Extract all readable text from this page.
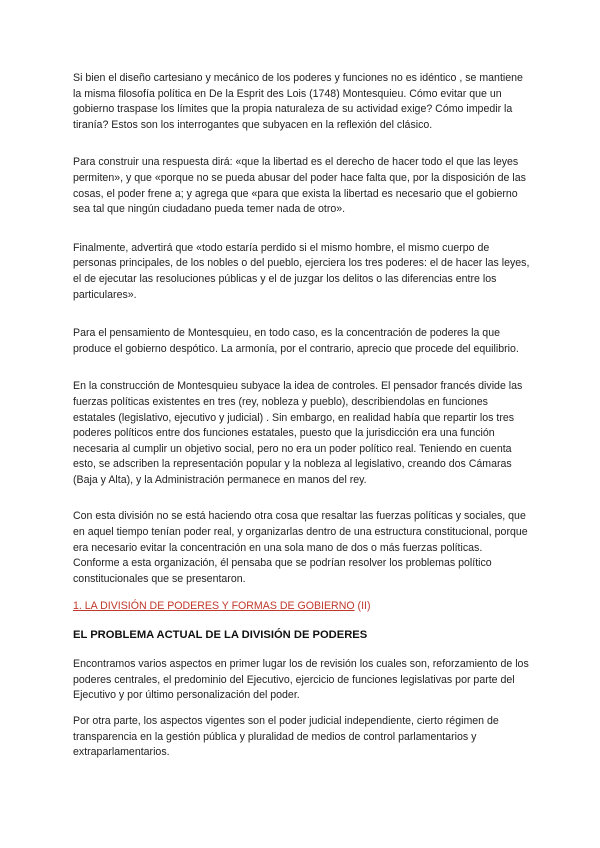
Si bien el diseño cartesiano y mecánico de los poderes y funciones no es idéntico , se mantiene la misma filosofía política en De la Esprit des Lois (1748) Montesquieu. Cómo evitar que un gobierno traspase los límites que la propia naturaleza de su actividad exige? Cómo impedir la tiranía? Estos son los interrogantes que subyacen en la reflexión del clásico.

Para construir una respuesta dirá: «que la libertad es el derecho de hacer todo el que las leyes permiten», y que «porque no se pueda abusar del poder hace falta que, por la disposición de las cosas, el poder frene a; y agrega que «para que exista la libertad es necesario que el gobierno sea tal que ningún ciudadano pueda temer nada de otro».

Finalmente, advertirá que «todo estaría perdido si el mismo hombre, el mismo cuerpo de personas principales, de los nobles o del pueblo, ejerciera los tres poderes: el de hacer las leyes, el de ejecutar las resoluciones públicas y el de juzgar los delitos o las diferencias entre los particulares».

Para el pensamiento de Montesquieu, en todo caso, es la concentración de poderes la que produce el gobierno despótico. La armonía, por el contrario, aprecio que procede del equilibrio.

En la construcción de Montesquieu subyace la idea de controles. El pensador francés divide las fuerzas políticas existentes en tres (rey, nobleza y pueblo), describiendolas en funciones estatales (legislativo, ejecutivo y judicial) . Sin embargo, en realidad había que repartir los tres poderes políticos entre dos funciones estatales, puesto que la jurisdicción era una función necesaria al cumplir un objetivo social, pero no era un poder político real. Teniendo en cuenta esto, se adscriben la representación popular y la nobleza al legislativo, creando dos Cámaras (Baja y Alta), y la Administración permanece en manos del rey.

Con esta división no se está haciendo otra cosa que resaltar las fuerzas políticas y sociales, que en aquel tiempo tenían poder real, y organizarlas dentro de una estructura constitucional, porque era necesario evitar la concentración en una sola mano de dos o más fuerzas políticas. Conforme a esta organización, él pensaba que se podrían resolver los problemas político constitucionales que se presentaron.

1. LA DIVISIÓN DE PODERES Y FORMAS DE GOBIERNO (II)
EL PROBLEMA ACTUAL DE LA DIVISIÓN DE PODERES

Encontramos varios aspectos en primer lugar los de revisión los cuales son, reforzamiento de los poderes centrales, el predominio del Ejecutivo, ejercicio de funciones legislativas por parte del Ejecutivo y por último personalización del poder.

Por otra parte, los aspectos vigentes son el poder judicial independiente, cierto régimen de transparencia en la gestión pública y pluralidad de medios de control parlamentarios y extraparlamentarios.
